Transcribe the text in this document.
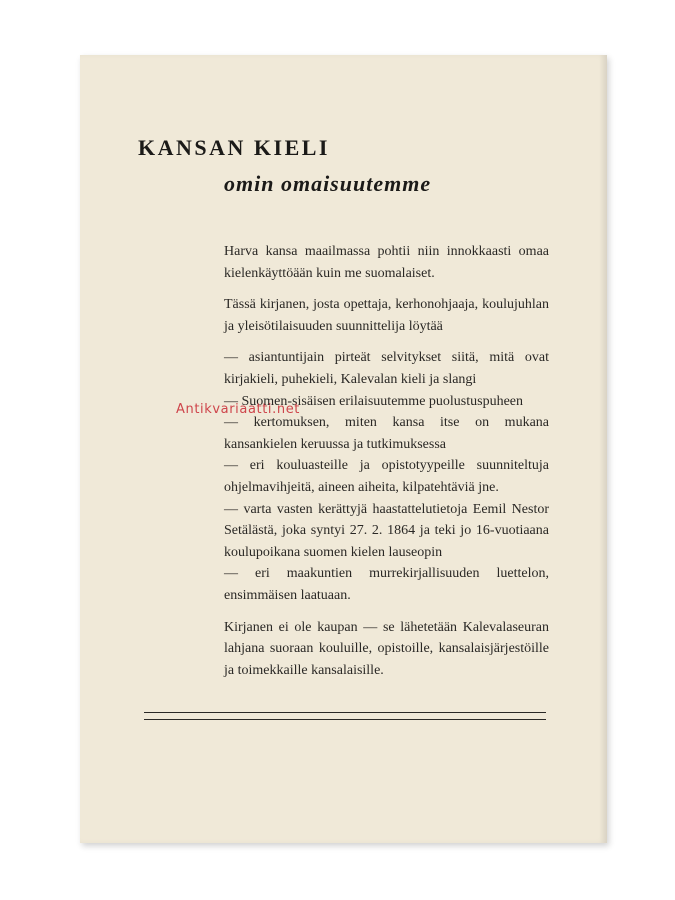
KANSAN KIELI
omin omaisuutemme

Harva kansa maailmassa pohtii niin innokkaasti omaa kielenkäyttöään kuin me suomalaiset.

Tässä kirjanen, josta opettaja, kerhonohjaaja, koulujuhlan ja yleisötilaisuuden suunnittelija löytää

— asiantuntijain pirteät selvitykset siitä, mitä ovat kirjakieli, puhekieli, Kalevalan kieli ja slangi

— Suomen-sisäisen erilaisuutemme puolustuspuheen

— kertomuksen, miten kansa itse on mukana kansankielen keruussa ja tutkimuksessa

— eri kouluasteille ja opistotyypeille suunniteltuja ohjelmavihjeitä, aineen aiheita, kilpatehtäviä jne.

— varta vasten kerättyjä haastattelutietoja Eemil Nestor Setälästä, joka syntyi 27. 2. 1864 ja teki jo 16-vuotiaana koulupoikana suomen kielen lauseopin

— eri maakuntien murrekirjallisuuden luettelon, ensimmäisen laatuaan.

Kirjanen ei ole kaupan — se lähetetään Kalevalaseuran lahjana suoraan kouluille, opistoille, kansalaisjärjestöille ja toimekkaille kansalaisille.

Antikvariaatti.net
